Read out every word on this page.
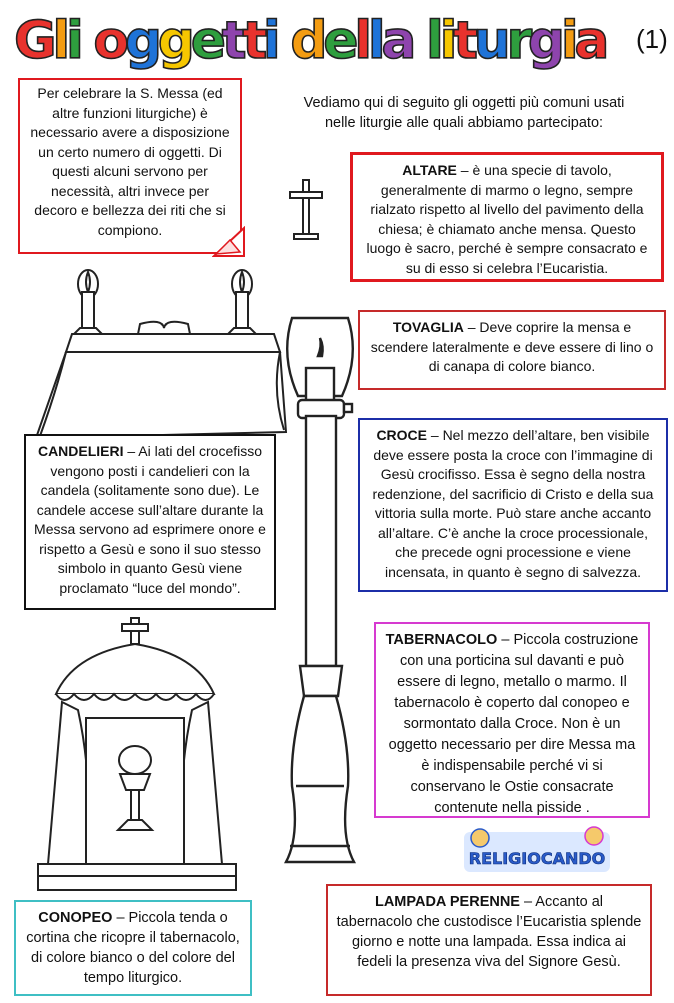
Gli oggetti della liturgia (1)
Per celebrare la S. Messa (ed altre funzioni liturgiche) è necessario avere a disposizione un certo numero di oggetti. Di questi alcuni servono per necessità, altri invece per decoro e bellezza dei riti che si compiono.
Vediamo qui di seguito gli oggetti più comuni usati nelle liturgie alle quali abbiamo partecipato:
ALTARE – è una specie di tavolo, generalmente di marmo o legno, sempre rialzato rispetto al livello del pavimento della chiesa; è chiamato anche mensa. Questo luogo è sacro, perché è sempre consacrato e su di esso si celebra l’Eucaristia.
TOVAGLIA – Deve coprire la mensa e scendere lateralmente e deve essere di lino o di canapa di colore bianco.
CANDELIERI – Ai lati del crocefisso vengono posti i candelieri con la candela (solitamente sono due). Le candele accese sull’altare durante la Messa servono ad esprimere onore e rispetto a Gesù e sono il suo stesso simbolo in quanto Gesù viene proclamato “luce del mondo”.
CROCE – Nel mezzo dell’altare, ben visibile deve essere posta la croce con l’immagine di Gesù crocifisso. Essa è segno della nostra redenzione, del sacrificio di Cristo e della sua vittoria sulla morte. Può stare anche accanto all’altare. C’è anche la croce processionale, che precede ogni processione e viene incensata, in quanto è segno di salvezza.
TABERNACOLO – Piccola costruzione con una porticina sul davanti e può essere di legno, metallo o marmo. Il tabernacolo è coperto dal conopeo e sormontato dalla Croce. Non è un oggetto necessario per dire Messa ma è indispensabile perché vi si conservano le Ostie consacrate contenute nella pisside .
RELIGIOCANDO
LAMPADA PERENNE – Accanto al tabernacolo che custodisce l’Eucaristia splende giorno e notte una lampada. Essa indica ai fedeli la presenza viva del Signore Gesù.
CONOPEO – Piccola tenda o cortina che ricopre il tabernacolo, di colore bianco o del colore del tempo liturgico.
